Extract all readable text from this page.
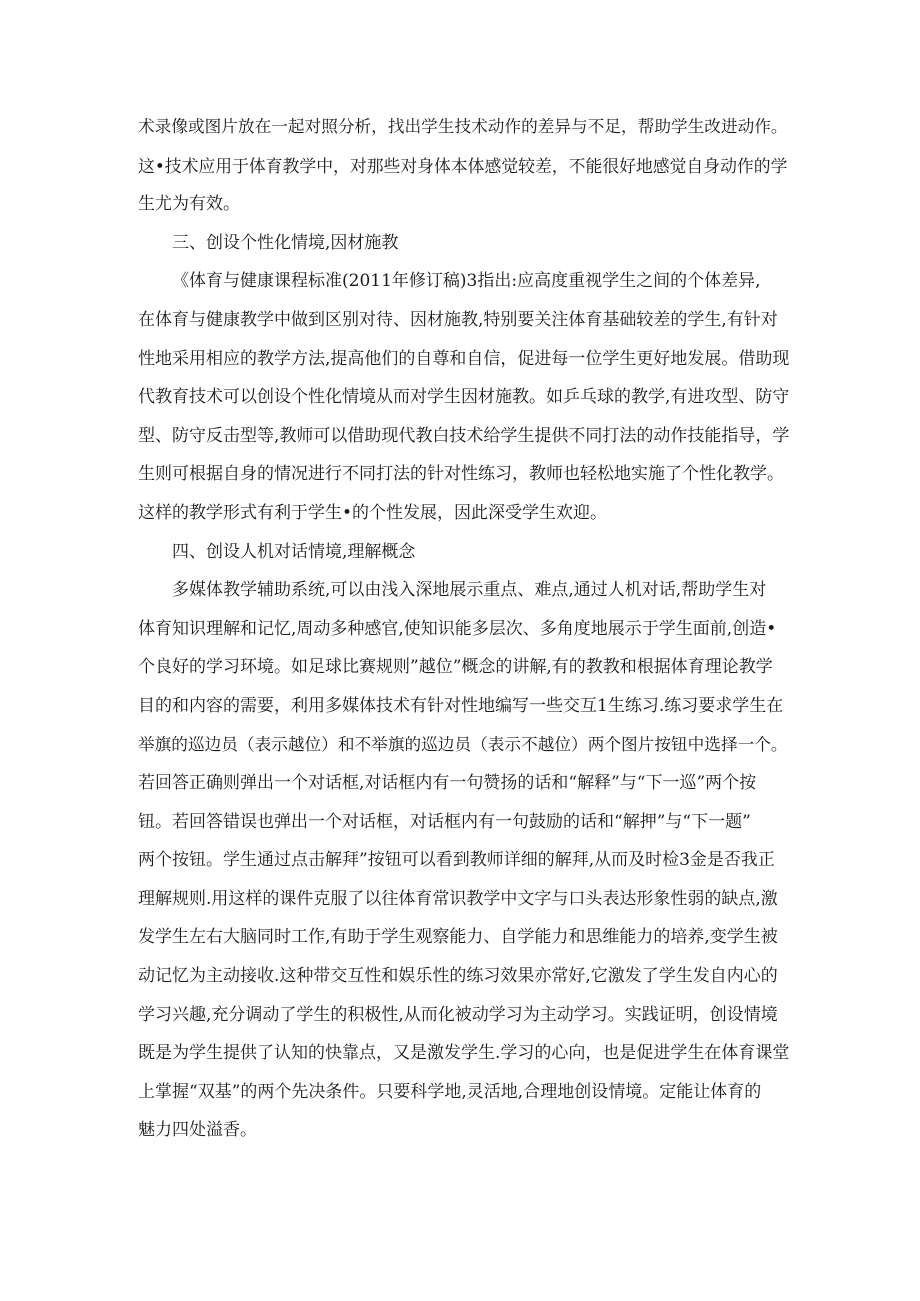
术录像或图片放在一起对照分析，找出学生技术动作的差异与不足，帮助学生改进动作。
这•技术应用于体育教学中，对那些对身体本体感觉较差，不能很好地感觉自身动作的学
生尤为有效。
三、创设个性化情境,因材施教
《体育与健康课程标准(2011年修订稿)3指出:应高度重视学生之间的个体差异,
在体育与健康教学中做到区别对待、因材施教,特别要关注体育基础较差的学生,有针对
性地采用相应的教学方法,提高他们的自尊和自信，促进每一位学生更好地发展。借助现
代教育技术可以创设个性化情境从而对学生因材施教。如乒乓球的教学,有进攻型、防守
型、防守反击型等,教师可以借助现代教白技术给学生提供不同打法的动作技能指导，学
生则可根据自身的情况进行不同打法的针对性练习，教师也轻松地实施了个性化教学。
这样的教学形式有利于学生•的个性发展，因此深受学生欢迎。
四、创设人机对话情境,理解概念
多媒体教学辅助系统,可以由浅入深地展示重点、难点,通过人机对话,帮助学生对
体育知识理解和记忆,周动多种感官,使知识能多层次、多角度地展示于学生面前,创造•
个良好的学习环境。如足球比赛规则”越位”概念的讲解,有的教教和根据体育理论教学
目的和内容的需要，利用多媒体技术有针对性地编写一些交互1生练习.练习要求学生在
举旗的巡边员（表示越位）和不举旗的巡边员（表示不越位）两个图片按钮中选择一个。
若回答正确则弹出一个对话框,对话框内有一句赞扬的话和“解释”与“下一巡”两个按
钮。若回答错误也弹出一个对话框，对话框内有一句鼓励的话和“解押”与“下一题”
两个按钮。学生通过点击解拜”按钮可以看到教师详细的解拜,从而及时检3金是否我正
理解规则.用这样的课件克服了以往体育常识教学中文字与口头表达形象性弱的缺点,激
发学生左右大脑同时工作,有助于学生观察能力、自学能力和思维能力的培养,变学生被
动记忆为主动接收.这种带交互性和娱乐性的练习效果亦常好,它激发了学生发自内心的
学习兴趣,充分调动了学生的积极性,从而化被动学习为主动学习。实践证明，创设情境
既是为学生提供了认知的快靠点，又是激发学生.学习的心向，也是促进学生在体育课堂
上掌握“双基”的两个先决条件。只要科学地,灵活地,合理地创设情境。定能让体育的
魅力四处溢香。
